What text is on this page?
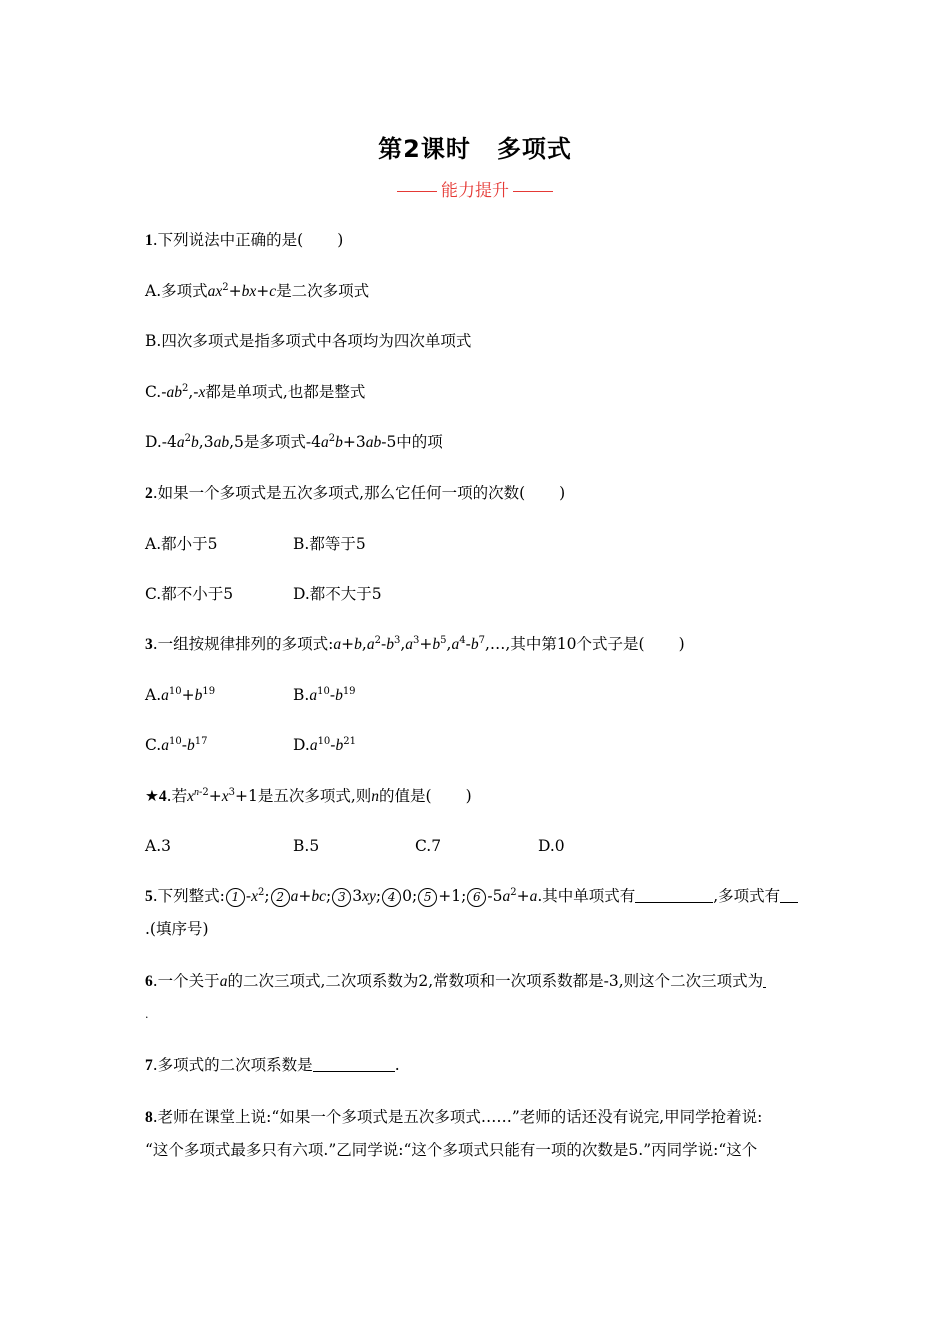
第2课时 多项式
能力提升
1.下列说法中正确的是( )
A.多项式$ax^2+bx+c$是二次多项式
B.四次多项式是指多项式中各项均为四次单项式
$C.-ab^2,-x$都是单项式,也都是整式
$D.-4a^2b,3ab,5$是多项式$-4a^2b+3ab-5$中的项
2.如果一个多项式是五次多项式,那么它任何一项的次数( )
A.都小于5	B.都等于5
C.都不小于5	D.都不大于5
3.一组按规律排列的多项式$:a+b,a^2-b^3,a^3+b^5,a^4-b^7,\dots$,其中第10个式子是( )
$A.a^{10}+b^{19}$	$B.a^{10}-b^{19}$
$C.a^{10}-b^{17}$	$D.a^{10}-b^{21}$
★4.若$x^{n-2}+x^3+1$是五次多项式,则n的值是( )
A.3	B.5	C.7	D.0
5.下列整式: 1 $-x^2$; 2 a+bc; 3 3xy; 4 0; 5 +1; 6 $-5a^2+a$.其中单项式有	,多项式有
.(填序号)
6.一个关于a的二次三项式,二次项系数为2,常数项和一次项系数都是-3,则这个二次三项式为
.
7.多项式的二次项系数是	.
8.老师在课堂上说:“如果一个多项式是五次多项式……”老师的话还没有说完,甲同学抢着说:
“这个多项式最多只有六项.”乙同学说:“这个多项式只能有一项的次数是5.”丙同学说:“这个
